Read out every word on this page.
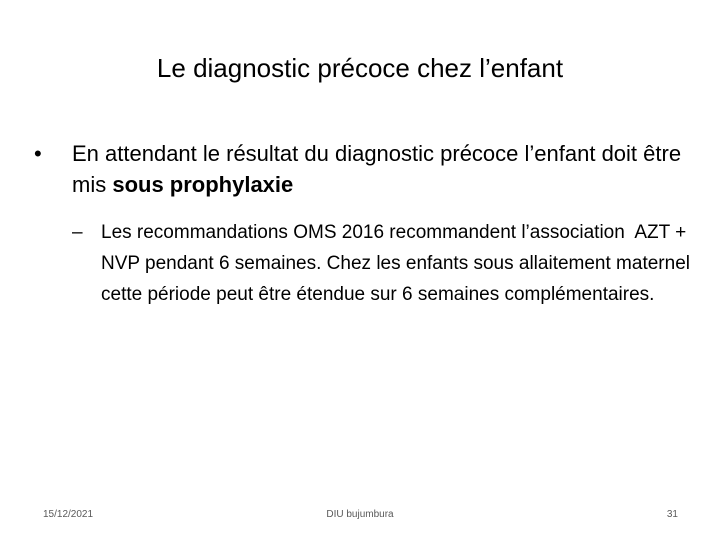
Le diagnostic précoce chez l’enfant
• En attendant le résultat du diagnostic précoce l’enfant doit être mis sous prophylaxie
– Les recommandations OMS 2016 recommandent l’association  AZT + NVP pendant 6 semaines. Chez les enfants sous allaitement maternel cette période peut être étendue sur 6 semaines complémentaires.
15/12/2021	DIU bujumbura	31
